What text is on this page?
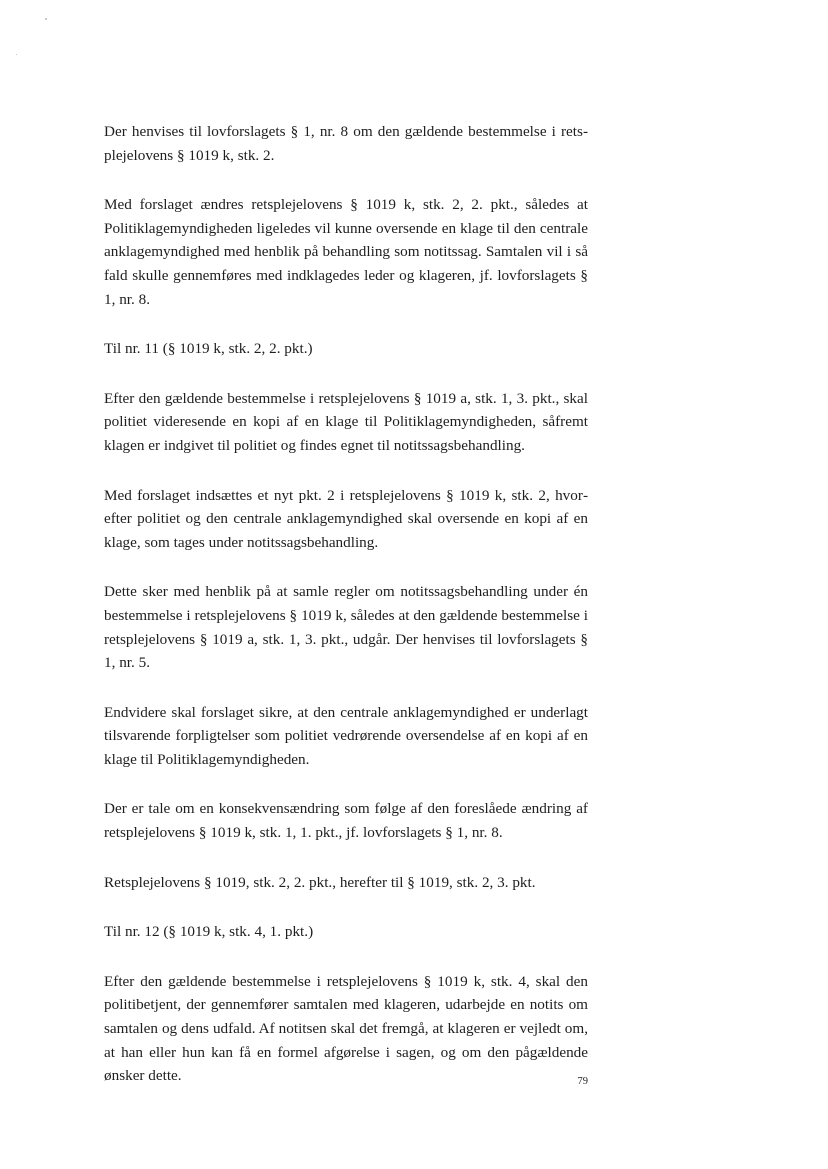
Der henvises til lovforslagets § 1, nr. 8 om den gældende bestemmelse i retsplejelovens § 1019 k, stk. 2.

Med forslaget ændres retsplejelovens § 1019 k, stk. 2, 2. pkt., således at Politiklagemyndigheden ligeledes vil kunne oversende en klage til den centrale anklagemyndighed med henblik på behandling som notitssag. Samtalen vil i så fald skulle gennemføres med indklagedes leder og klageren, jf. lovforslagets § 1, nr. 8.

Til nr. 11 (§ 1019 k, stk. 2, 2. pkt.)

Efter den gældende bestemmelse i retsplejelovens § 1019 a, stk. 1, 3. pkt., skal politiet videresende en kopi af en klage til Politiklagemyndigheden, såfremt klagen er indgivet til politiet og findes egnet til notitssagsbehandling.

Med forslaget indsættes et nyt pkt. 2 i retsplejelovens § 1019 k, stk. 2, hvorefter politiet og den centrale anklagemyndighed skal oversende en kopi af en klage, som tages under notitssagsbehandling.

Dette sker med henblik på at samle regler om notitssagsbehandling under én bestemmelse i retsplejelovens § 1019 k, således at den gældende bestemmelse i retsplejelovens § 1019 a, stk. 1, 3. pkt., udgår. Der henvises til lovforslagets § 1, nr. 5.

Endvidere skal forslaget sikre, at den centrale anklagemyndighed er underlagt tilsvarende forpligtelser som politiet vedrørende oversendelse af en kopi af en klage til Politiklagemyndigheden.

Der er tale om en konsekvensændring som følge af den foreslåede ændring af retsplejelovens § 1019 k, stk. 1, 1. pkt., jf. lovforslagets § 1, nr. 8.

Retsplejelovens § 1019, stk. 2, 2. pkt., herefter til § 1019, stk. 2, 3. pkt.

Til nr. 12 (§ 1019 k, stk. 4, 1. pkt.)

Efter den gældende bestemmelse i retsplejelovens § 1019 k, stk. 4, skal den politibetjent, der gennemfører samtalen med klageren, udarbejde en notits om samtalen og dens udfald. Af notitsen skal det fremgå, at klageren er vejledt om, at han eller hun kan få en formel afgørelse i sagen, og om den pågældende ønsker dette.	79
